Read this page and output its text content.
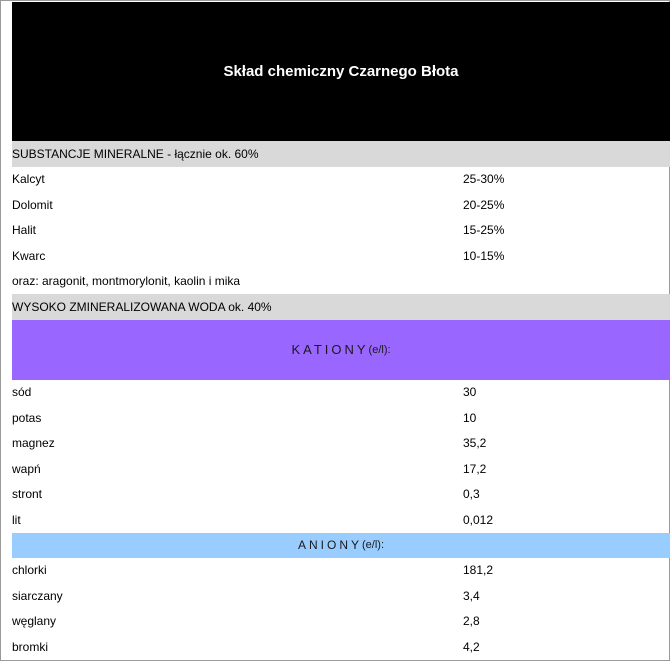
Skład chemiczny Czarnego Błota
SUBSTANCJE MINERALNE - łącznie ok. 60%
Kalcyt	25-30%
Dolomit	20-25%
Halit	15-25%
Kwarc	10-15%
oraz: aragonit, montmorylonit, kaolin i mika
WYSOKO ZMINERALIZOWANA WODA ok. 40%
KATIONY (e/l):
sód	30
potas	10
magnez	35,2
wapń	17,2
stront	0,3
lit	0,012
ANIONY (e/l):
chlorki	181,2
siarczany	3,4
węglany	2,8
bromki	4,2
